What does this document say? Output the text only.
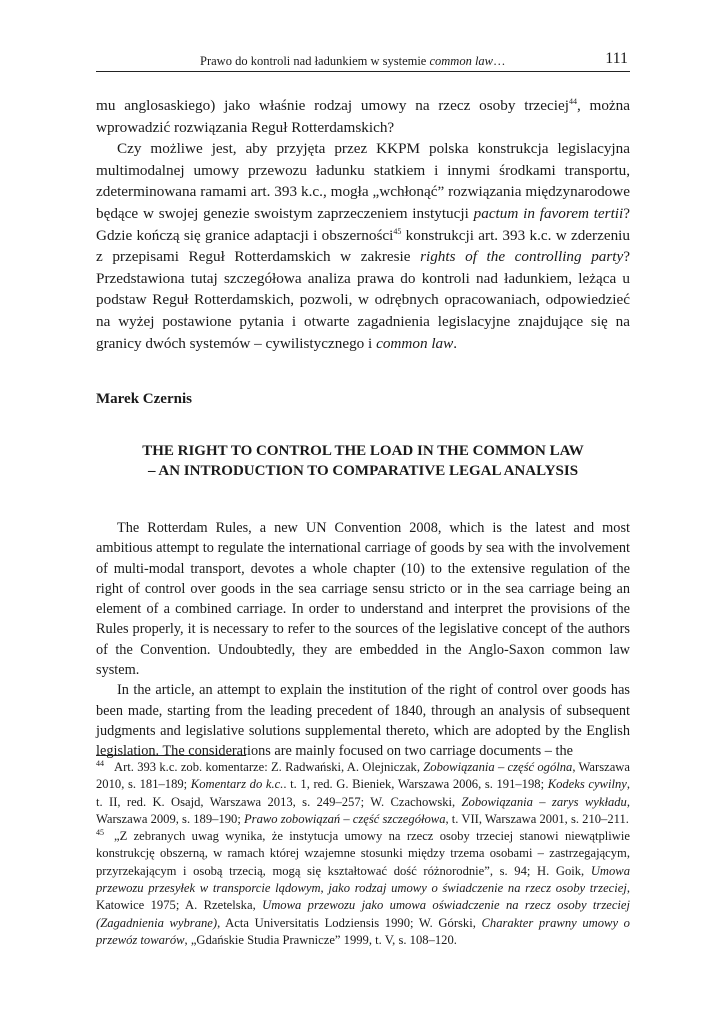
Prawo do kontroli nad ładunkiem w systemie common law…	111

mu anglosaskiego) jako właśnie rodzaj umowy na rzecz osoby trzeciej$^{44}$, można wprowadzić rozwiązania Reguł Rotterdamskich?

Czy możliwe jest, aby przyjęta przez KKPM polska konstrukcja legislacyjna multimodalnej umowy przewozu ładunku statkiem i innymi środkami transportu, zdeterminowana ramami art. 393 k.c., mogła „wchłonąć” rozwiązania międzynarodowe będące w swojej genezie swoistym zaprzeczeniem instytucji pactum in favorem tertii? Gdzie kończą się granice adaptacji i obszerności$^{45}$ konstrukcji art. 393 k.c. w zderzeniu z przepisami Reguł Rotterdamskich w zakresie rights of the controlling party? Przedstawiona tutaj szczegółowa analiza prawa do kontroli nad ładunkiem, leżąca u podstaw Reguł Rotterdamskich, pozwoli, w odrębnych opracowaniach, odpowiedzieć na wyżej postawione pytania i otwarte zagadnienia legislacyjne znajdujące się na granicy dwóch systemów – cywilistycznego i common law.

Marek Czernis
THE RIGHT TO CONTROL THE LOAD IN THE COMMON LAW
– AN INTRODUCTION TO COMPARATIVE LEGAL ANALYSIS

The Rotterdam Rules, a new UN Convention 2008, which is the latest and most ambitious attempt to regulate the international carriage of goods by sea with the involvement of multi-modal transport, devotes a whole chapter (10) to the extensive regulation of the right of control over goods in the sea carriage sensu stricto or in the sea carriage being an element of a combined carriage. In order to understand and interpret the provisions of the Rules properly, it is necessary to refer to the sources of the legislative concept of the authors of the Convention. Undoubtedly, they are embedded in the Anglo-Saxon common law system.

In the article, an attempt to explain the institution of the right of control over goods has been made, starting from the leading precedent of 1840, through an analysis of subsequent judgments and legislative solutions supplemental thereto, which are adopted by the English legislation. The considerations are mainly focused on two carriage documents – the

$^{44}$ Art. 393 k.c. zob. komentarze: Z. Radwański, A. Olejniczak, Zobowiązania – część ogólna, Warszawa 2010, s. 181–189; Komentarz do k.c.. t. 1, red. G. Bieniek, Warszawa 2006, s. 191–198; Kodeks cywilny, t. II, red. K. Osajd, Warszawa 2013, s. 249–257; W. Czachowski, Zobowiązania – zarys wykładu, Warszawa 2009, s. 189–190; Prawo zobowiązań – część szczegółowa, t. VII, Warszawa 2001, s. 210–211.

$^{45}$ „Z zebranych uwag wynika, że instytucja umowy na rzecz osoby trzeciej stanowi niewątpliwie konstrukcję obszerną, w ramach której wzajemne stosunki między trzema osobami – zastrzegającym, przyrzekającym i osobą trzecią, mogą się kształtować dość różnorodnie”, s. 94; H. Goik, Umowa przewozu przesyłek w transporcie lądowym, jako rodzaj umowy o świadczenie na rzecz osoby trzeciej, Katowice 1975; A. Rzetelska, Umowa przewozu jako umowa oświadczenie na rzecz osoby trzeciej (Zagadnienia wybrane), Acta Universitatis Lodziensis 1990; W. Górski, Charakter prawny umowy o przewóz towarów, „Gdańskie Studia Prawnicze” 1999, t. V, s. 108–120.
